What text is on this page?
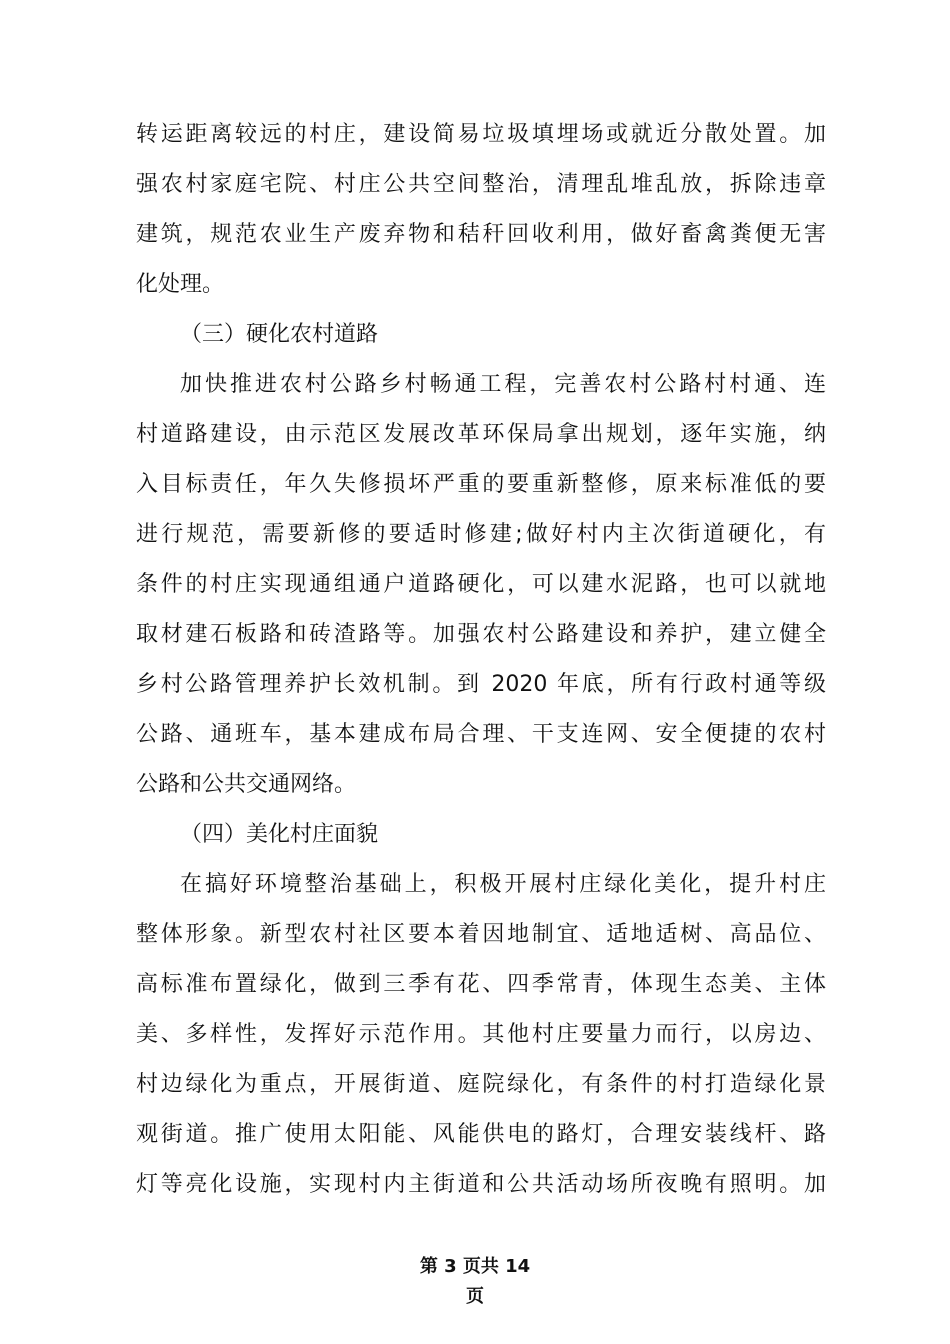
转运距离较远的村庄，建设简易垃圾填埋场或就近分散处置。加
强农村家庭宅院、村庄公共空间整治，清理乱堆乱放，拆除违章
建筑，规范农业生产废弃物和秸秆回收利用，做好畜禽粪便无害
化处理。
（三）硬化农村道路
加快推进农村公路乡村畅通工程，完善农村公路村村通、连
村道路建设，由示范区发展改革环保局拿出规划，逐年实施，纳
入目标责任，年久失修损坏严重的要重新整修，原来标准低的要
进行规范，需要新修的要适时修建;做好村内主次街道硬化，有
条件的村庄实现通组通户道路硬化，可以建水泥路，也可以就地
取材建石板路和砖渣路等。加强农村公路建设和养护，建立健全
乡村公路管理养护长效机制。到 2020 年底，所有行政村通等级
公路、通班车，基本建成布局合理、干支连网、安全便捷的农村
公路和公共交通网络。
（四）美化村庄面貌
在搞好环境整治基础上，积极开展村庄绿化美化，提升村庄
整体形象。新型农村社区要本着因地制宜、适地适树、高品位、
高标准布置绿化，做到三季有花、四季常青，体现生态美、主体
美、多样性，发挥好示范作用。其他村庄要量力而行，以房边、
村边绿化为重点，开展街道、庭院绿化，有条件的村打造绿化景
观街道。推广使用太阳能、风能供电的路灯，合理安装线杆、路
灯等亮化设施，实现村内主街道和公共活动场所夜晚有照明。加
第 3 页共 14
页
